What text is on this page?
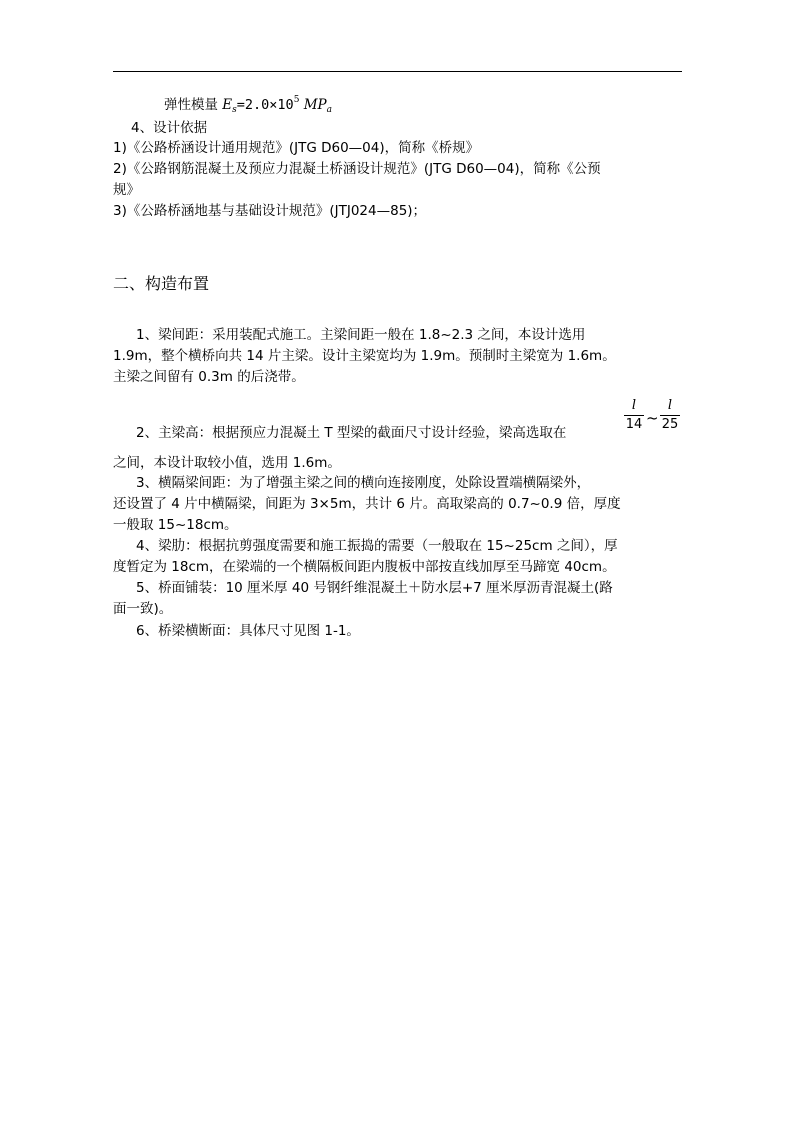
弹性模量 $E_s=2.0\times 10^5$ $MP_a$
4、设计依据
1)《公路桥涵设计通用规范》(JTG D60—04)，简称《桥规》
2)《公路钢筋混凝土及预应力混凝土桥涵设计规范》(JTG D60—04)，简称《公预
规》
3)《公路桥涵地基与基础设计规范》(JTJ024—85)；
二、构造布置
1、梁间距：采用装配式施工。主梁间距一般在 1.8~2.3 之间，本设计选用
1.9m，整个横桥向共 14 片主梁。设计主梁宽均为 1.9m。预制时主梁宽为 1.6m。
主梁之间留有 0.3m 的后浇带。
2、主梁高：根据预应力混凝土 T 型梁的截面尺寸设计经验，梁高选取在
l
14 ~
l
25
之间，本设计取较小值，选用 1.6m。
3、横隔梁间距：为了增强主梁之间的横向连接刚度，处除设置端横隔梁外，
还设置了 4 片中横隔梁，间距为 3×5m，共计 6 片。高取梁高的 0.7~0.9 倍，厚度
一般取 15~18cm。
4、梁肋：根据抗剪强度需要和施工振捣的需要（一般取在 15~25cm 之间），厚
度暂定为 18cm，在梁端的一个横隔板间距内腹板中部按直线加厚至马蹄宽 40cm。
5、桥面铺装：10 厘米厚 40 号钢纤维混凝土＋防水层+7 厘米厚沥青混凝土(路
面一致)。
6、桥梁横断面：具体尺寸见图 1-1。
